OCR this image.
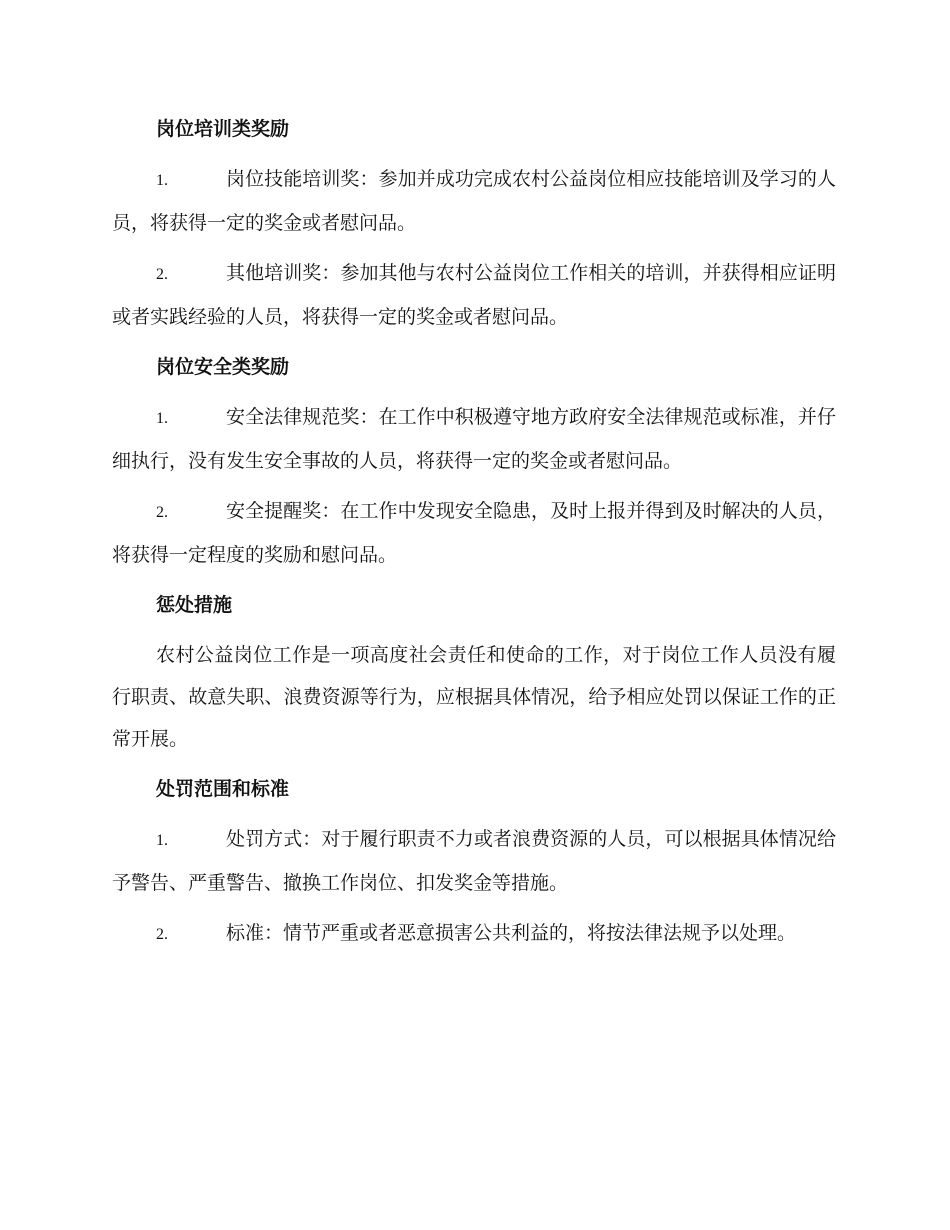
岗位培训类奖励
1.	岗位技能培训奖：参加并成功完成农村公益岗位相应技能培训及学习的人员，将获得一定的奖金或者慰问品。
2.	其他培训奖：参加其他与农村公益岗位工作相关的培训，并获得相应证明或者实践经验的人员，将获得一定的奖金或者慰问品。
岗位安全类奖励
1.	安全法律规范奖：在工作中积极遵守地方政府安全法律规范或标准，并仔细执行，没有发生安全事故的人员，将获得一定的奖金或者慰问品。
2.	安全提醒奖：在工作中发现安全隐患，及时上报并得到及时解决的人员，将获得一定程度的奖励和慰问品。
惩处措施
农村公益岗位工作是一项高度社会责任和使命的工作，对于岗位工作人员没有履行职责、故意失职、浪费资源等行为，应根据具体情况，给予相应处罚以保证工作的正常开展。
处罚范围和标准
1.	处罚方式：对于履行职责不力或者浪费资源的人员，可以根据具体情况给予警告、严重警告、撤换工作岗位、扣发奖金等措施。
2.	标准：情节严重或者恶意损害公共利益的，将按法律法规予以处理。
